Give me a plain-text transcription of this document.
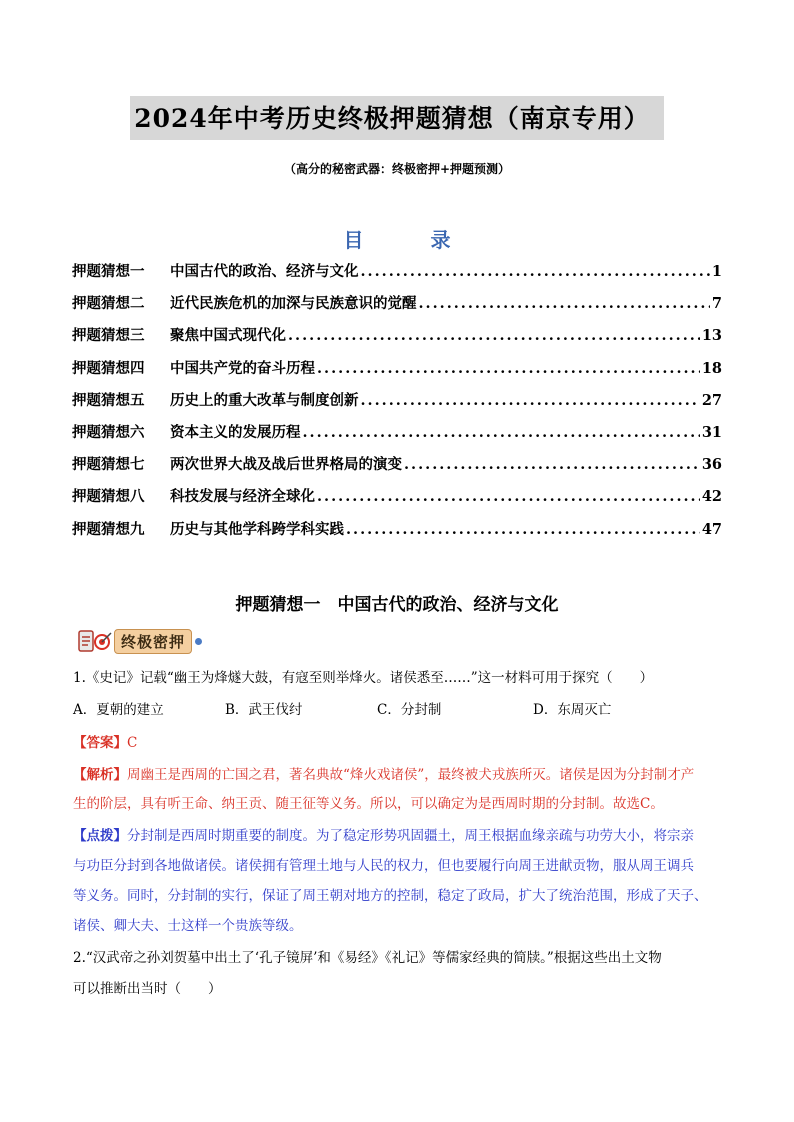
2024年中考历史终极押题猜想（南京专用）
（高分的秘密武器：终极密押+押题预测）
目 录
押题猜想一	中国古代的政治、经济与文化 .....	1
押题猜想二	近代民族危机的加深与民族意识的觉醒 .....	7
押题猜想三	聚焦中国式现代化 .....	13
押题猜想四	中国共产党的奋斗历程 .....	18
押题猜想五	历史上的重大改革与制度创新 .....	27
押题猜想六	资本主义的发展历程 .....	31
押题猜想七	两次世界大战及战后世界格局的演变 .....	36
押题猜想八	科技发展与经济全球化 .....	42
押题猜想九	历史与其他学科跨学科实践 .....	47
押题猜想一　中国古代的政治、经济与文化
终极密押
1.《史记》记载“幽王为烽燧大鼓，有寇至则举烽火。诸侯悉至……”这一材料可用于探究（　　）
A．夏朝的建立	B．武王伐纣	C．分封制	D．东周灭亡
【答案】C
【解析】周幽王是西周的亡国之君，著名典故“烽火戏诸侯”，最终被犬戎族所灭。诸侯是因为分封制才产
生的阶层，具有听王命、纳王贡、随王征等义务。所以，可以确定为是西周时期的分封制。故选C。
【点拨】分封制是西周时期重要的制度。为了稳定形势巩固疆土，周王根据血缘亲疏与功劳大小，将宗亲
与功臣分封到各地做诸侯。诸侯拥有管理土地与人民的权力，但也要履行向周王进献贡物，服从周王调兵
等义务。同时，分封制的实行，保证了周王朝对地方的控制，稳定了政局，扩大了统治范围，形成了天子、
诸侯、卿大夫、士这样一个贵族等级。
2.“汉武帝之孙刘贺墓中出土了‘孔子镜屏’和《易经》《礼记》等儒家经典的简牍。”根据这些出土文物
可以推断出当时（　　）
